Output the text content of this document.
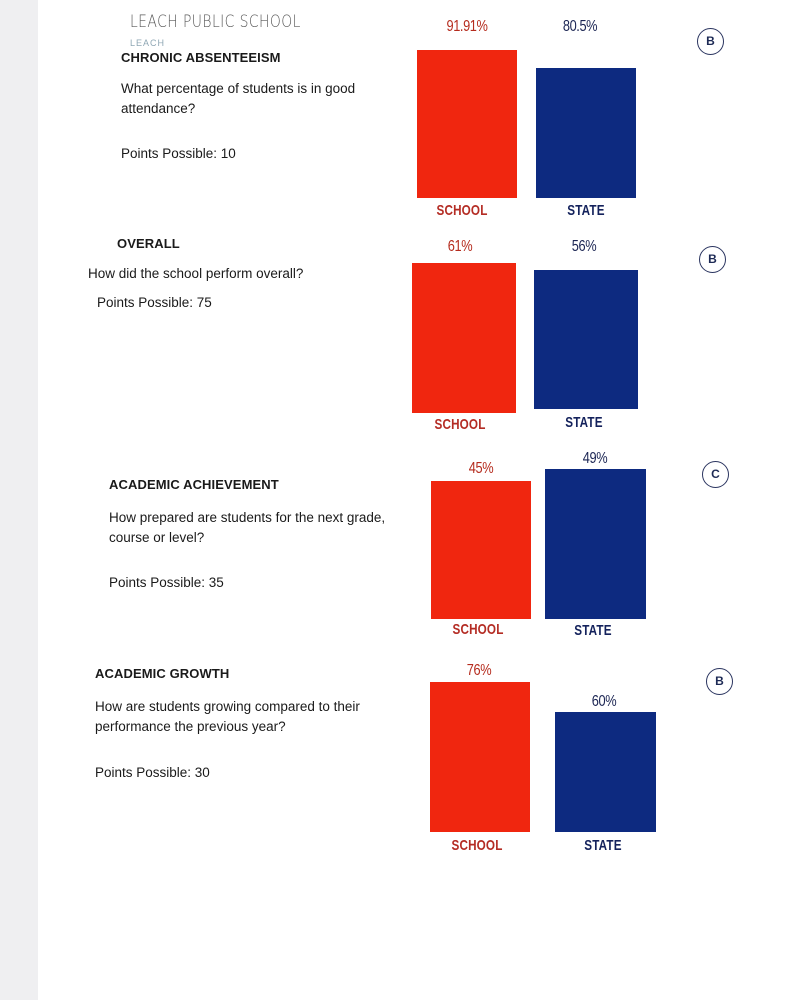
LEACH PUBLIC SCHOOL
LEACH
CHRONIC ABSENTEEISM
What percentage of students is in good
attendance?
Points Possible: 10
91.91%	80.5%
SCHOOL	STATE
B
OVERALL
How did the school perform overall?
Points Possible: 75
61%	56%
SCHOOL	STATE
B
ACADEMIC ACHIEVEMENT
How prepared are students for the next grade,
course or level?
Points Possible: 35
45%
49%
SCHOOL	STATE
C
ACADEMIC GROWTH
How are students growing compared to their
performance the previous year?
Points Possible: 30
76%
60%
SCHOOL	STATE
B
